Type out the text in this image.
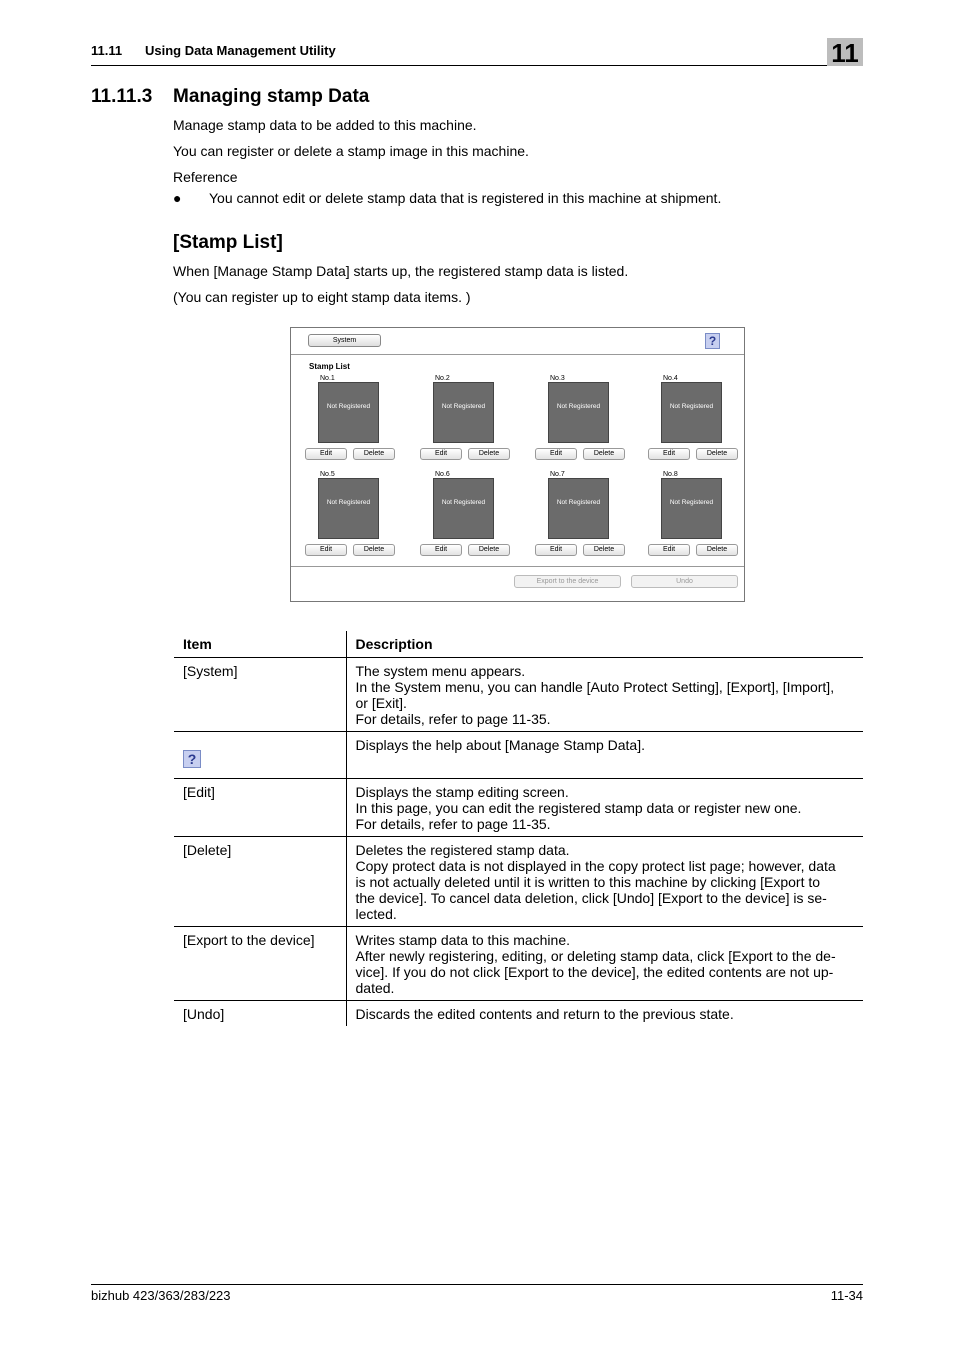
11.11 Using Data Management Utility	11
11.11.3 Managing stamp Data
Manage stamp data to be added to this machine.
You can register or delete a stamp image in this machine.
Reference
● You cannot edit or delete stamp data that is registered in this machine at shipment.
[Stamp List]
When [Manage Stamp Data] starts up, the registered stamp data is listed.
(You can register up to eight stamp data items. )
System	?
Stamp List
No.1
Not Registered
Edit	Delete
No.2
Not Registered
Edit	Delete
No.3
Not Registered
Edit	Delete
No.4
Not Registered
Edit	Delete
No.5
Not Registered
Edit	Delete
No.6
Not Registered
Edit	Delete
No.7
Not Registered
Edit	Delete
No.8
Not Registered
Edit	Delete
Export to the device	Undo
Item	Description
[System]	The system menu appears.
In the System menu, you can handle [Auto Protect Setting], [Export], [Import],
or [Exit].
For details, refer to page 11-35.

?	Displays the help about [Manage Stamp Data].

[Edit]	Displays the stamp editing screen.
In this page, you can edit the registered stamp data or register new one.
For details, refer to page 11-35.

[Delete]	Deletes the registered stamp data.
Copy protect data is not displayed in the copy protect list page; however, data
is not actually deleted until it is written to this machine by clicking [Export to
the device]. To cancel data deletion, click [Undo] [Export to the device] is se-
lected.

[Export to the device]	Writes stamp data to this machine.
After newly registering, editing, or deleting stamp data, click [Export to the de-
vice]. If you do not click [Export to the device], the edited contents are not up-
dated.

[Undo]	Discards the edited contents and return to the previous state.
bizhub 423/363/283/223	11-34
